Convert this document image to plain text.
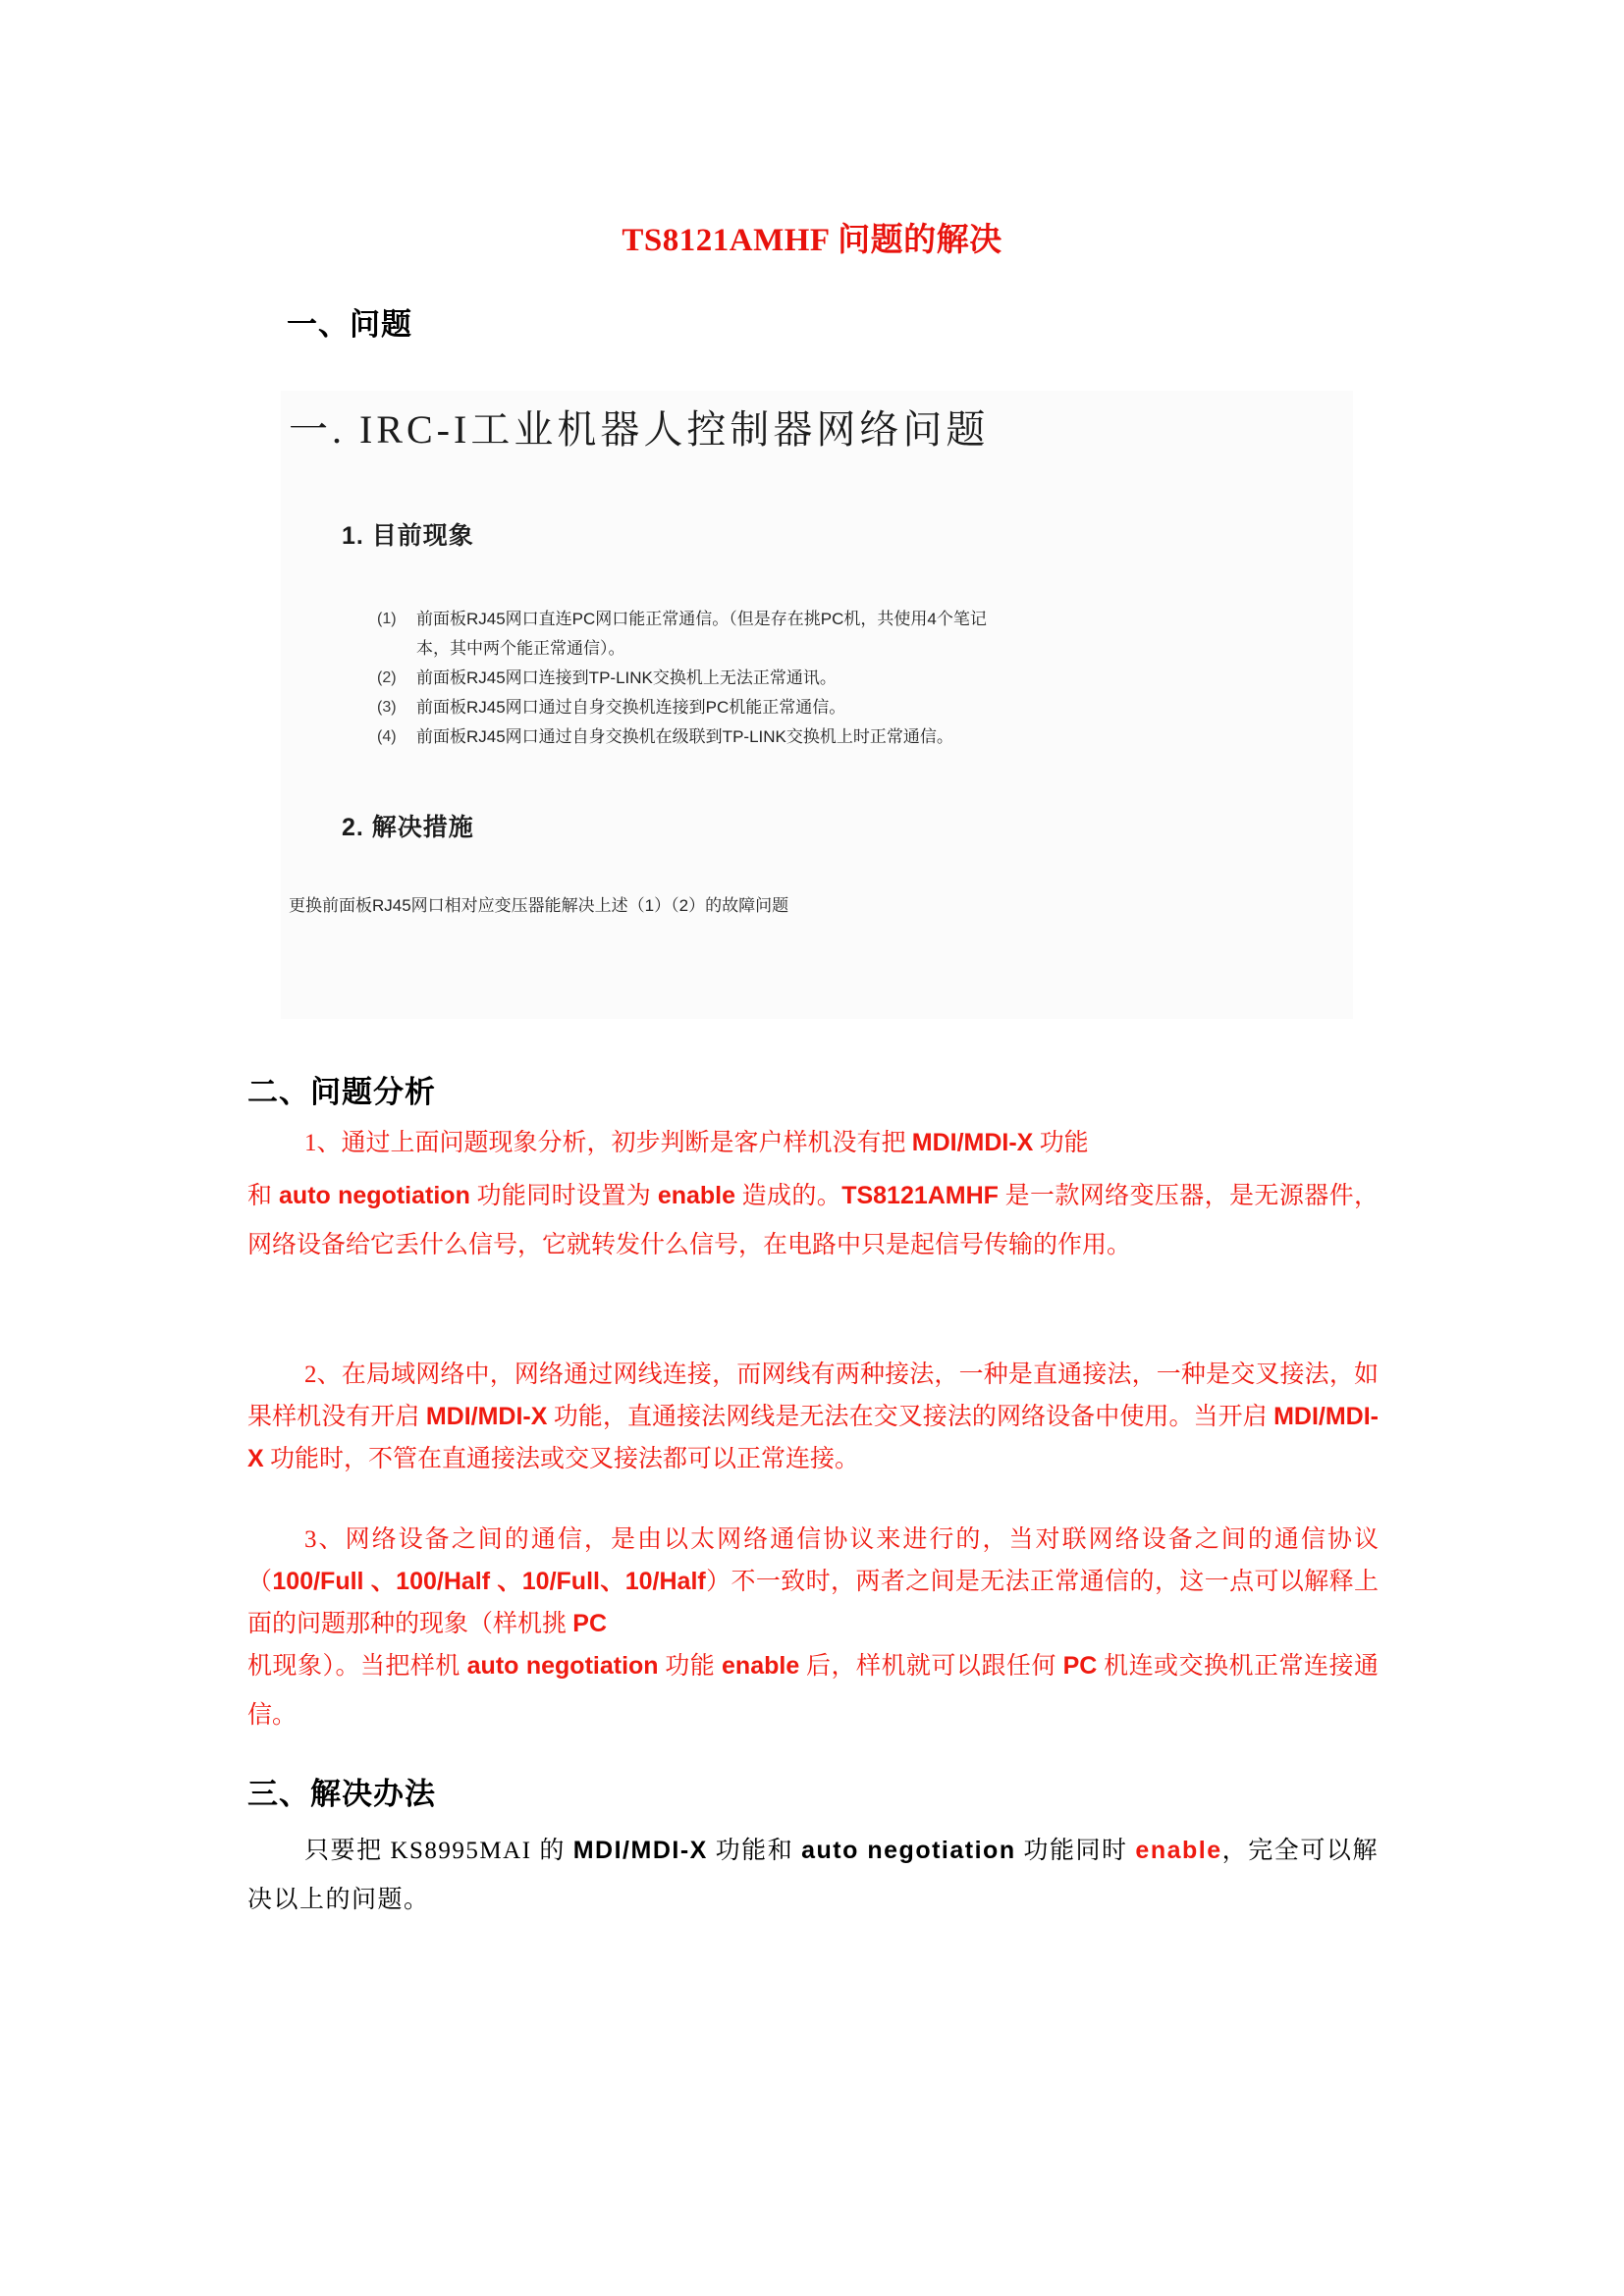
TS8121AMHF 问题的解决
一、问题
一. IRC-I工业机器人控制器网络问题
1. 目前现象
(1) 前面板RJ45网口直连PC网口能正常通信。（但是存在挑PC机，共使用4个笔记
本，其中两个能正常通信）。
(2) 前面板RJ45网口连接到TP-LINK交换机上无法正常通讯。
(3) 前面板RJ45网口通过自身交换机连接到PC机能正常通信。
(4) 前面板RJ45网口通过自身交换机在级联到TP-LINK交换机上时正常通信。
2. 解决措施
更换前面板RJ45网口相对应变压器能解决上述（1）（2）的故障问题
二、问题分析
1、通过上面问题现象分析，初步判断是客户样机没有把 MDI/MDI-X 功能
和 auto negotiation 功能同时设置为 enable 造成的。TS8121AMHF 是一款网络变压器，是无源器件，网络设备给它丢什么信号，它就转发什么信号，在电路中只是起信号传输的作用。
2、在局域网络中，网络通过网线连接，而网线有两种接法，一种是直通接法，一种是交叉接法，如果样机没有开启 MDI/MDI-X 功能，直通接法网线是无法在交叉接法的网络设备中使用。当开启 MDI/MDI-X 功能时，不管在直通接法或交叉接法都可以正常连接。
3、网络设备之间的通信，是由以太网络通信协议来进行的，当对联网络设备之间的通信协议（100/Full 、100/Half 、10/Full、10/Half）不一致时，两者之间是无法正常通信的，这一点可以解释上面的问题那种的现象（样机挑 PC
机现象）。当把样机 auto negotiation 功能 enable 后，样机就可以跟任何 PC 机连或交换机正常连接通信。
三、解决办法
只要把 KS8995MAI 的 MDI/MDI-X 功能和 auto negotiation 功能同时 enable，完全可以解决以上的问题。
